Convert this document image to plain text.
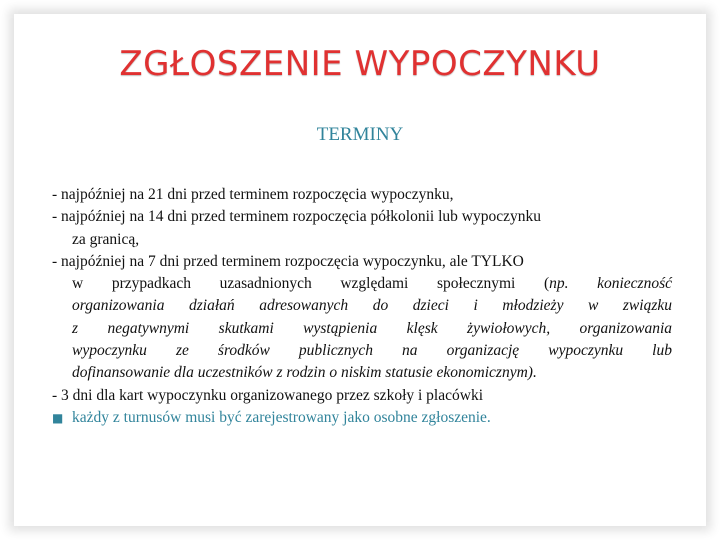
ZGŁOSZENIE WYPOCZYNKU
TERMINY
- najpóźniej na 21 dni przed terminem rozpoczęcia wypoczynku,
- najpóźniej na 14 dni przed terminem rozpoczęcia półkolonii lub wypoczynku
za granicą,
- najpóźniej na 7 dni przed terminem rozpoczęcia wypoczynku, ale TYLKO
w przypadkach uzasadnionych względami społecznymi (np. konieczność
organizowania działań adresowanych do dzieci i młodzieży w związku
z negatywnymi skutkami wystąpienia klęsk żywiołowych, organizowania
wypoczynku ze środków publicznych na organizację wypoczynku lub
dofinansowanie dla uczestników z rodzin o niskim statusie ekonomicznym).
- 3 dni dla kart wypoczynku organizowanego przez szkoły i placówki
■ każdy z turnusów musi być zarejestrowany jako osobne zgłoszenie.
